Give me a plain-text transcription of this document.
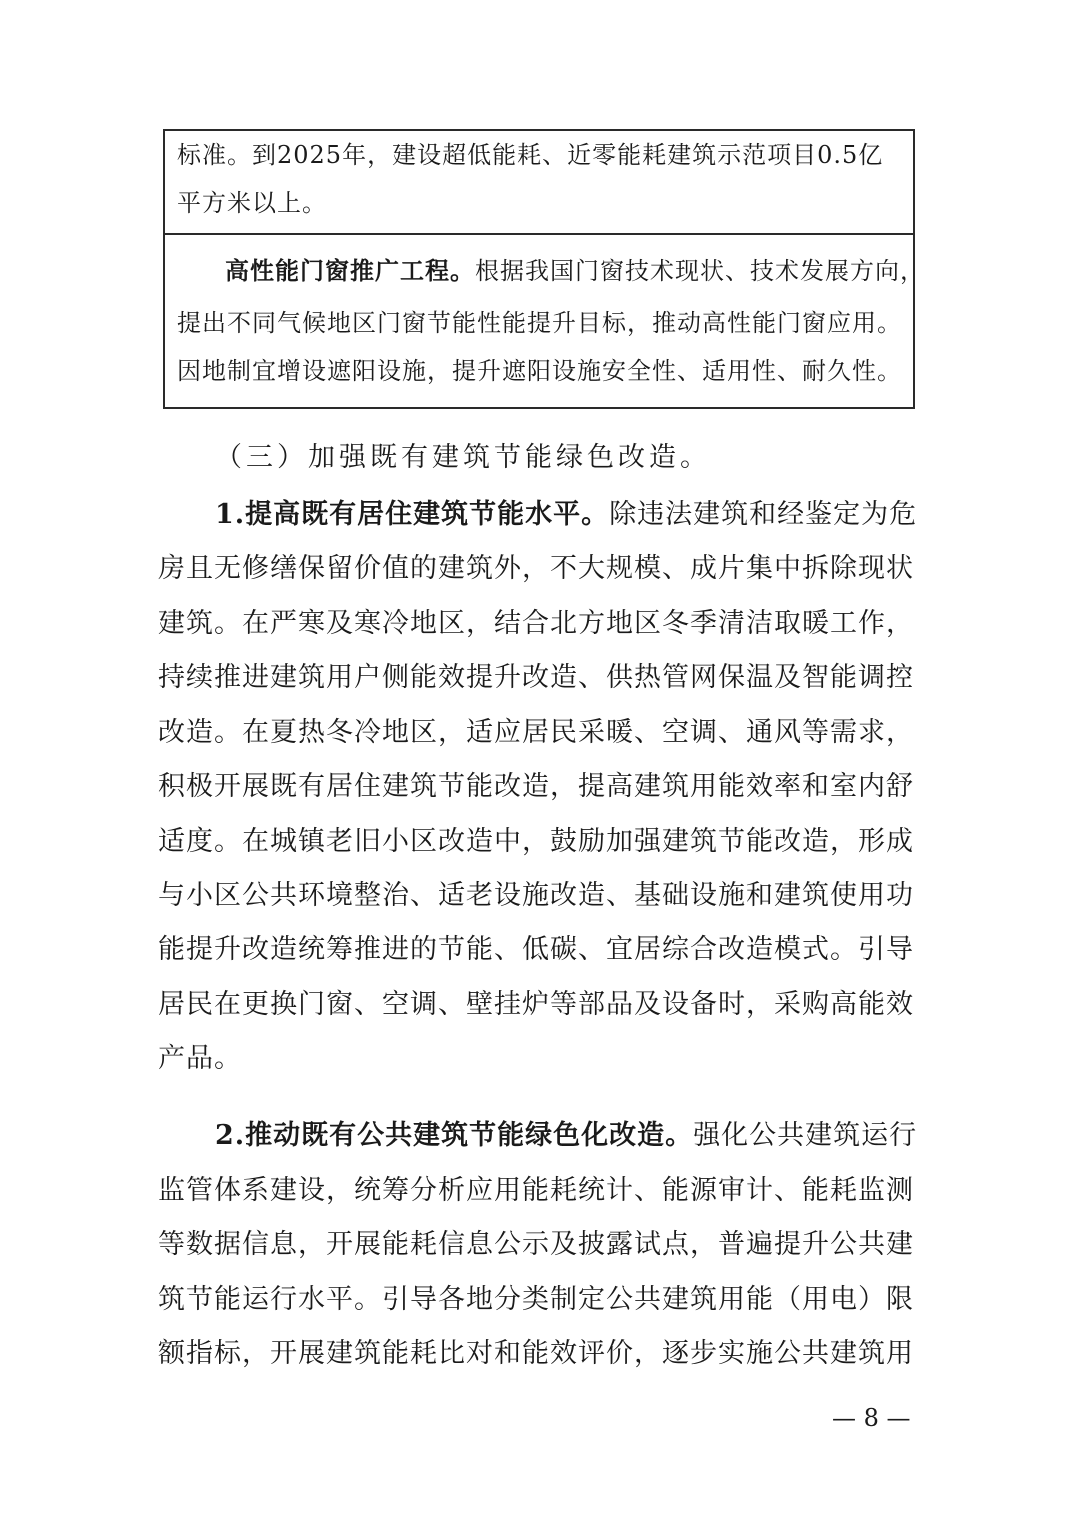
标准。到2025年，建设超低能耗、近零能耗建筑示范项目0.5亿
平方米以上。
高性能门窗推广工程。根据我国门窗技术现状、技术发展方向，
提出不同气候地区门窗节能性能提升目标，推动高性能门窗应用。
因地制宜增设遮阳设施，提升遮阳设施安全性、适用性、耐久性。
（三）加强既有建筑节能绿色改造。
1.提高既有居住建筑节能水平。除违法建筑和经鉴定为危
房且无修缮保留价值的建筑外，不大规模、成片集中拆除现状
建筑。在严寒及寒冷地区，结合北方地区冬季清洁取暖工作，
持续推进建筑用户侧能效提升改造、供热管网保温及智能调控
改造。在夏热冬冷地区，适应居民采暖、空调、通风等需求，
积极开展既有居住建筑节能改造，提高建筑用能效率和室内舒
适度。在城镇老旧小区改造中，鼓励加强建筑节能改造，形成
与小区公共环境整治、适老设施改造、基础设施和建筑使用功
能提升改造统筹推进的节能、低碳、宜居综合改造模式。引导
居民在更换门窗、空调、壁挂炉等部品及设备时，采购高能效
产品。
2.推动既有公共建筑节能绿色化改造。强化公共建筑运行
监管体系建设，统筹分析应用能耗统计、能源审计、能耗监测
等数据信息，开展能耗信息公示及披露试点，普遍提升公共建
筑节能运行水平。引导各地分类制定公共建筑用能（用电）限
额指标，开展建筑能耗比对和能效评价，逐步实施公共建筑用
— 8 —
